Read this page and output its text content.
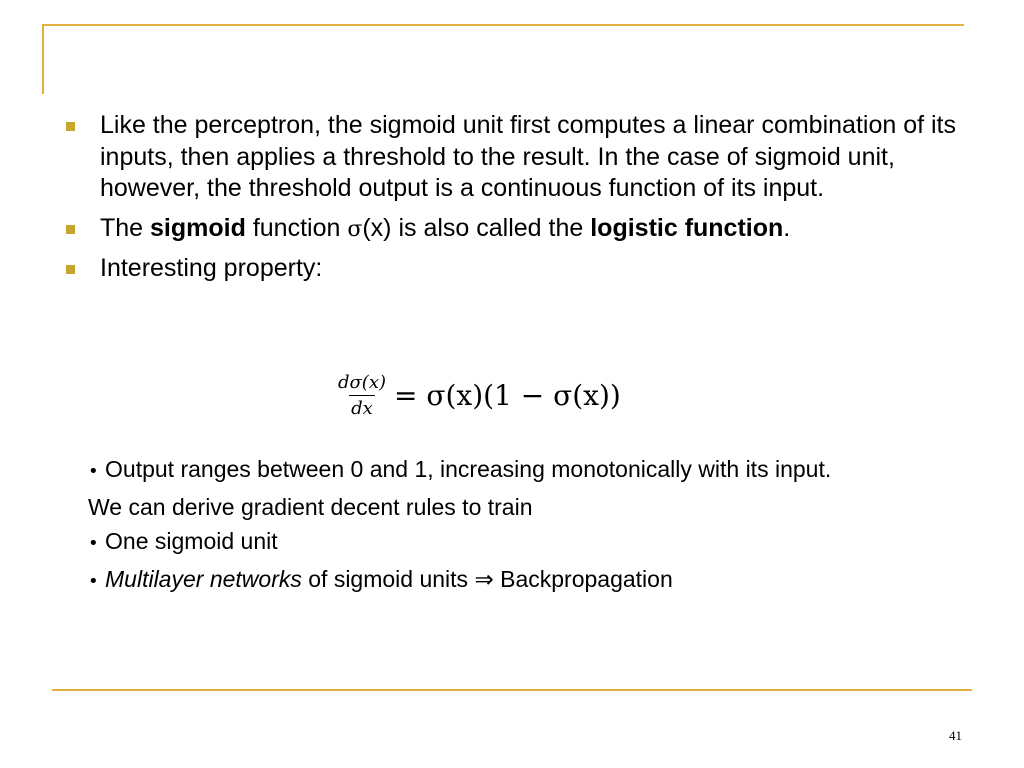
Like the perceptron, the sigmoid unit first computes a linear combination of its inputs, then applies a threshold to the result. In the case of sigmoid unit, however, the threshold output is a continuous function of its input.
The sigmoid function σ(x) is also called the logistic function.
Interesting property:
$\frac{d\sigma(x)}{dx} = \sigma(x)(1 - \sigma(x))$

• Output ranges between 0 and 1, increasing monotonically with its input.

We can derive gradient decent rules to train

• One sigmoid unit

• Multilayer networks of sigmoid units ⇒ Backpropagation

41
